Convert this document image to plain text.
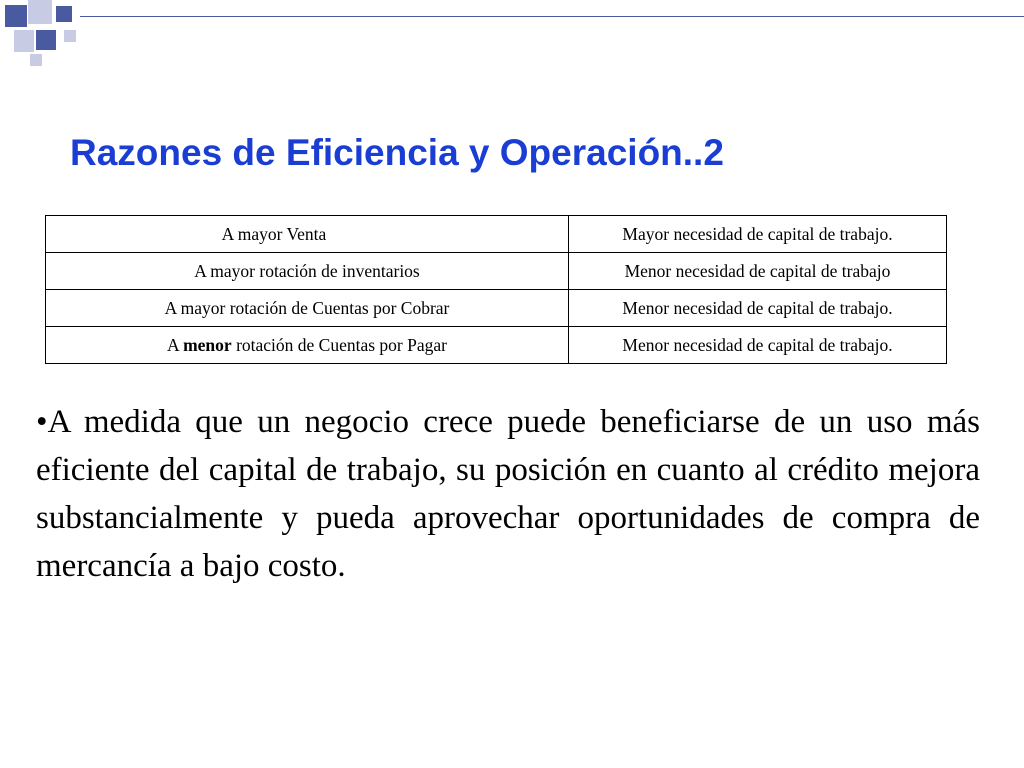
Razones de Eficiencia y Operación..2
A mayor Venta	Mayor necesidad de capital de trabajo.
A mayor rotación de inventarios	Menor necesidad de capital de trabajo
A mayor rotación de Cuentas por Cobrar	Menor necesidad de capital de trabajo.
A menor rotación de Cuentas por Pagar	Menor necesidad de capital de trabajo.

•A medida que un negocio crece puede beneficiarse de un uso más eficiente del capital de trabajo, su posición en cuanto al crédito mejora substancialmente y pueda aprovechar oportunidades de compra de mercancía a bajo costo.
